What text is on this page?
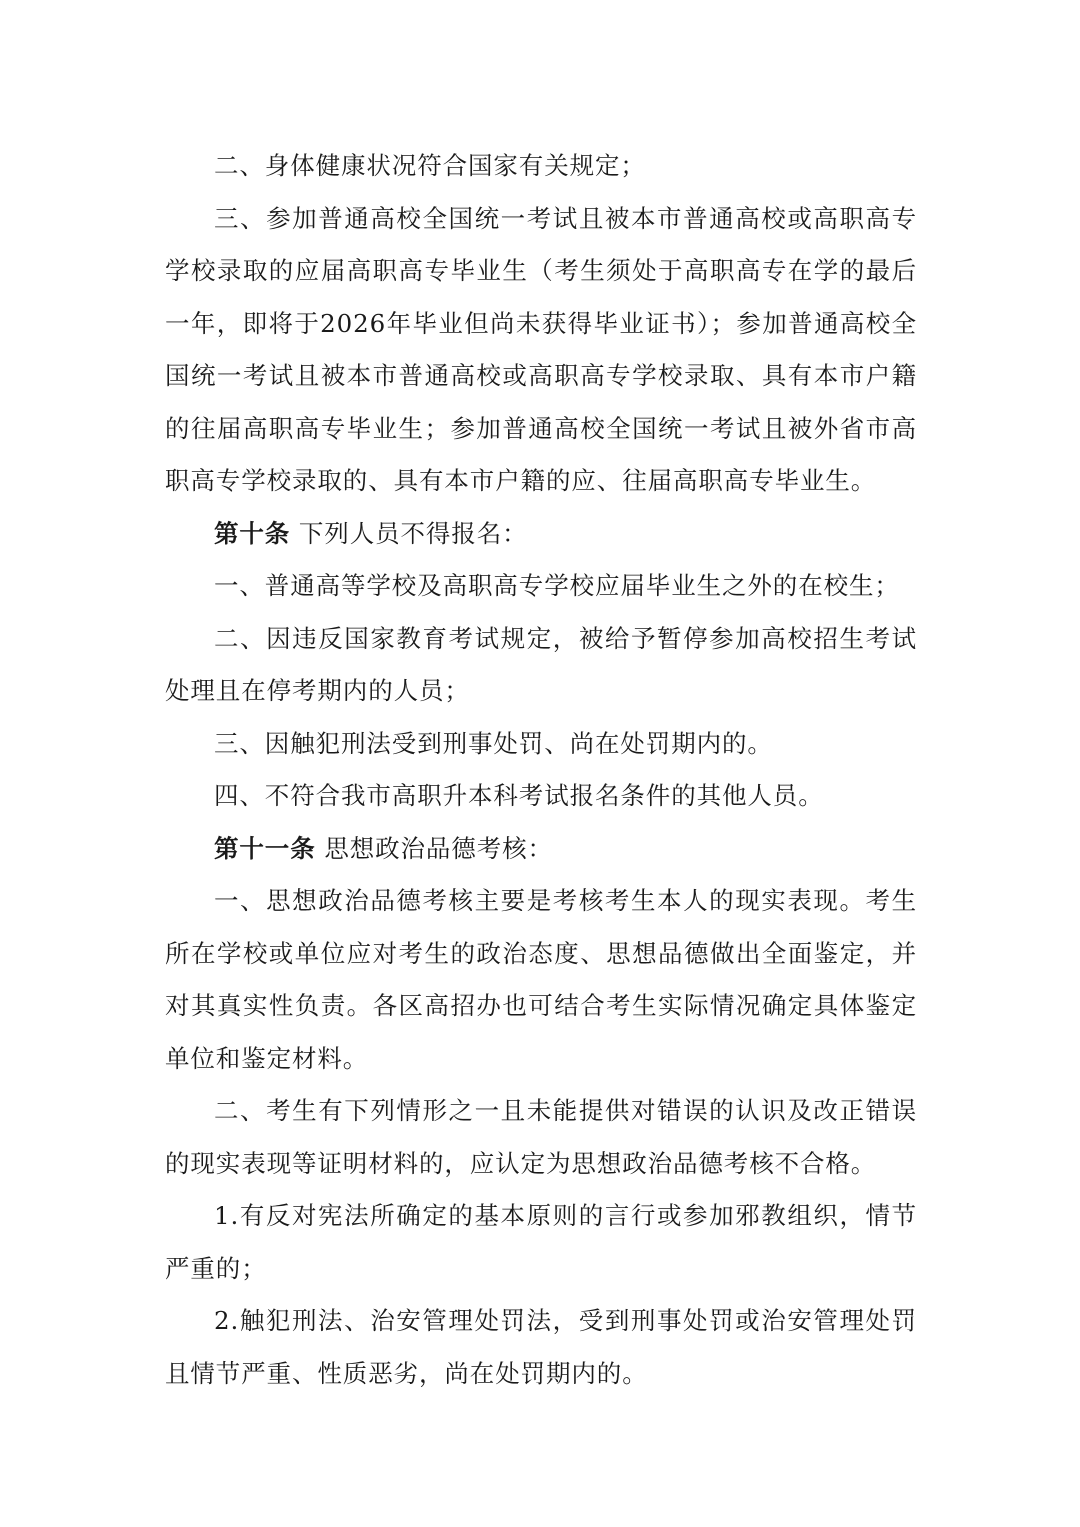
二、身体健康状况符合国家有关规定；

三、参加普通高校全国统一考试且被本市普通高校或高职高专学校录取的应届高职高专毕业生（考生须处于高职高专在学的最后一年，即将于2026年毕业但尚未获得毕业证书）；参加普通高校全国统一考试且被本市普通高校或高职高专学校录取、具有本市户籍的往届高职高专毕业生；参加普通高校全国统一考试且被外省市高职高专学校录取的、具有本市户籍的应、往届高职高专毕业生。

第十条 下列人员不得报名：

一、普通高等学校及高职高专学校应届毕业生之外的在校生；

二、因违反国家教育考试规定，被给予暂停参加高校招生考试处理且在停考期内的人员；

三、因触犯刑法受到刑事处罚、尚在处罚期内的。

四、不符合我市高职升本科考试报名条件的其他人员。

第十一条 思想政治品德考核：

一、思想政治品德考核主要是考核考生本人的现实表现。考生所在学校或单位应对考生的政治态度、思想品德做出全面鉴定，并对其真实性负责。各区高招办也可结合考生实际情况确定具体鉴定单位和鉴定材料。

二、考生有下列情形之一且未能提供对错误的认识及改正错误的现实表现等证明材料的，应认定为思想政治品德考核不合格。

1.有反对宪法所确定的基本原则的言行或参加邪教组织，情节严重的；

2.触犯刑法、治安管理处罚法，受到刑事处罚或治安管理处罚且情节严重、性质恶劣，尚在处罚期内的。
